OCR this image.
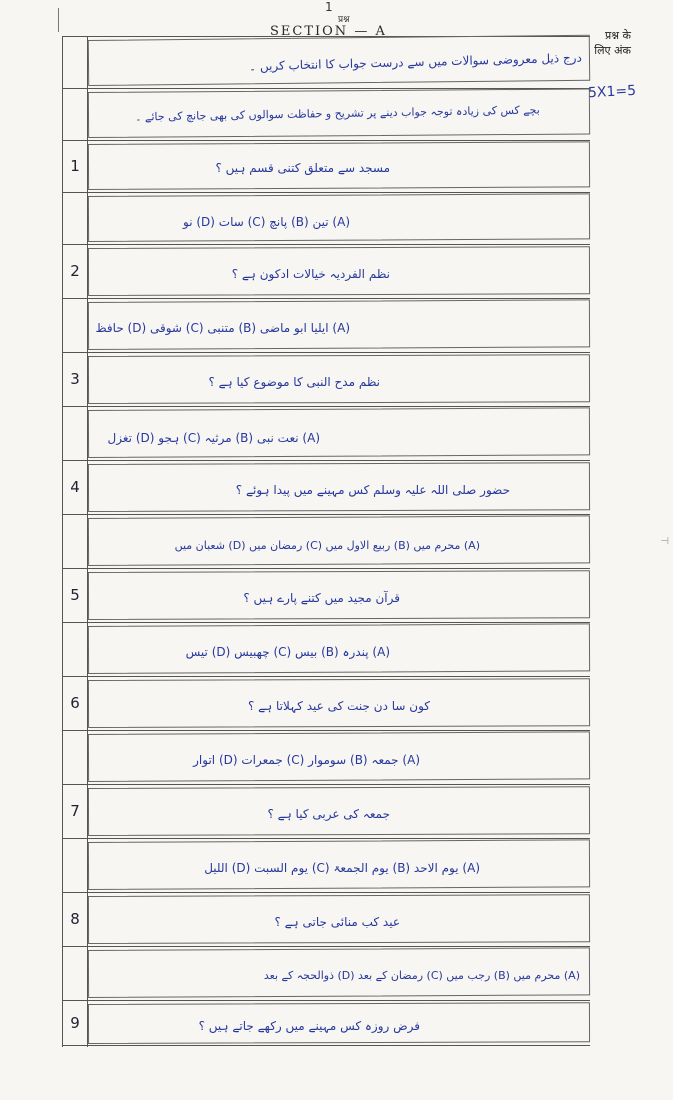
1
प्रश्न
SECTION — A	प्रश्न के
लिए अंक
5X1=5
⊣
درج ذیل معروضی سوالات میں سے درست جواب کا انتخاب کریں ۔
بچے کس کی زیادہ توجہ جواب دینے پر تشریح و حفاظت سوالوں کی بھی جانچ کی جائے ۔
1	مسجد سے متعلق کتنی قسم ہیں ؟
(A) تین (B) پانچ (C) سات (D) نو
2	نظم الفردیہ خیالات ادکون ہے ؟
(A) ایلیا ابو ماضی (B) متنبی (C) شوقی (D) حافظ
3	نظم مدح النبی کا موضوع کیا ہے ؟
(A) نعت نبی (B) مرثیہ (C) ہجو (D) تغزل
4	حضور صلی اللہ علیہ وسلم کس مہینے میں پیدا ہوئے ؟
(A) محرم میں (B) ربیع الاول میں (C) رمضان میں (D) شعبان میں
5	قرآن مجید میں کتنے پارے ہیں ؟
(A) پندرہ (B) بیس (C) چھبیس (D) تیس
6	کون سا دن جنت کی عید کہلاتا ہے ؟
(A) جمعہ (B) سوموار (C) جمعرات (D) اتوار
7	جمعہ کی عربی کیا ہے ؟
(A) یوم الاحد (B) یوم الجمعۃ (C) یوم السبت (D) اللیل
8	عید کب منائی جاتی ہے ؟
(A) محرم میں (B) رجب میں (C) رمضان کے بعد (D) ذوالحجہ کے بعد
9	فرض روزہ کس مہینے میں رکھے جاتے ہیں ؟
